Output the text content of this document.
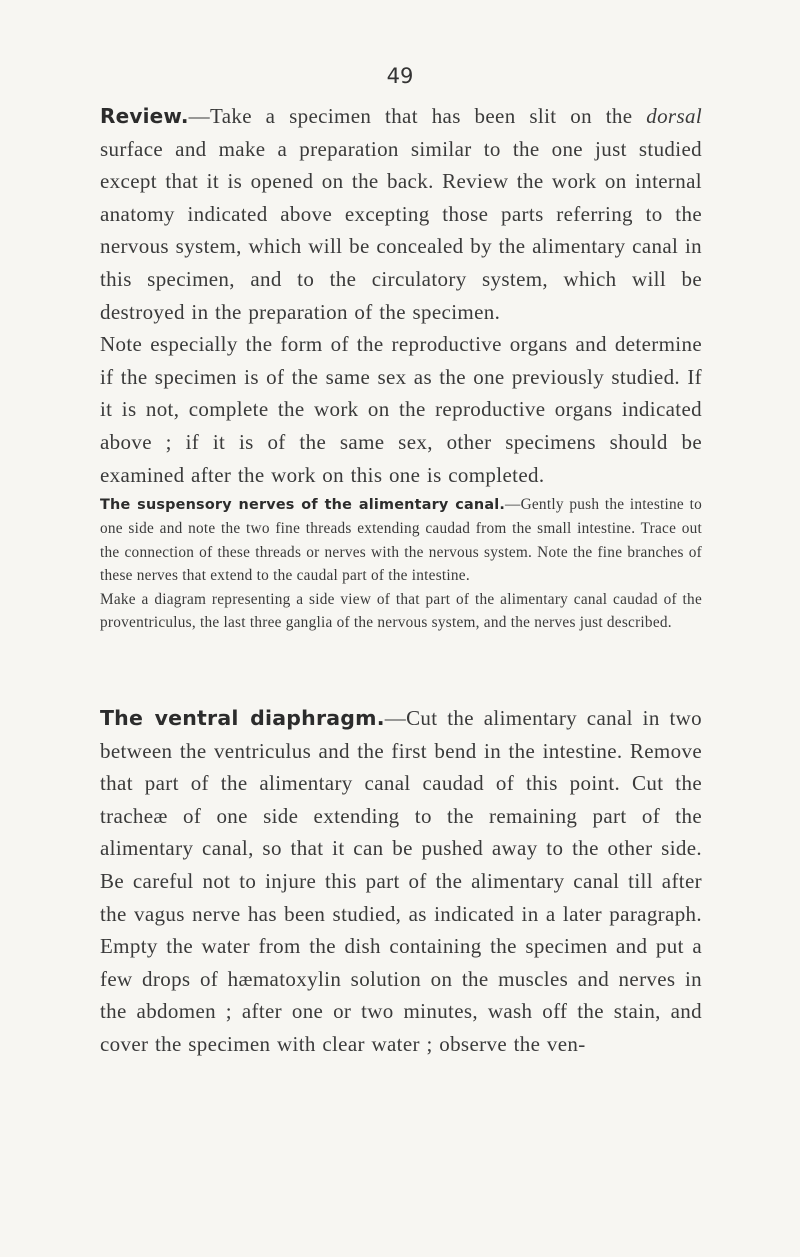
49

Review.—Take a specimen that has been slit on the dorsal surface and make a preparation similar to the one just studied except that it is opened on the back. Review the work on internal anatomy indicated above excepting those parts referring to the nervous system, which will be concealed by the alimentary canal in this specimen, and to the circulatory system, which will be destroyed in the preparation of the specimen.

Note especially the form of the reproductive organs and determine if the specimen is of the same sex as the one previously studied. If it is not, complete the work on the reproductive organs indicated above ; if it is of the same sex, other specimens should be examined after the work on this one is completed.

The suspensory nerves of the alimentary canal.—Gently push the intestine to one side and note the two fine threads extending caudad from the small intestine. Trace out the connection of these threads or nerves with the nervous system. Note the fine branches of these nerves that extend to the caudal part of the intestine.

Make a diagram representing a side view of that part of the alimentary canal caudad of the proventriculus, the last three ganglia of the nervous system, and the nerves just described.

The ventral diaphragm.—Cut the alimentary canal in two between the ventriculus and the first bend in the intestine. Remove that part of the alimentary canal caudad of this point. Cut the tracheæ of one side extending to the remaining part of the alimentary canal, so that it can be pushed away to the other side. Be careful not to injure this part of the alimentary canal till after the vagus nerve has been studied, as indicated in a later paragraph. Empty the water from the dish containing the specimen and put a few drops of hæmatoxylin solution on the muscles and nerves in the abdomen ; after one or two minutes, wash off the stain, and cover the specimen with clear water ; observe the ven-
